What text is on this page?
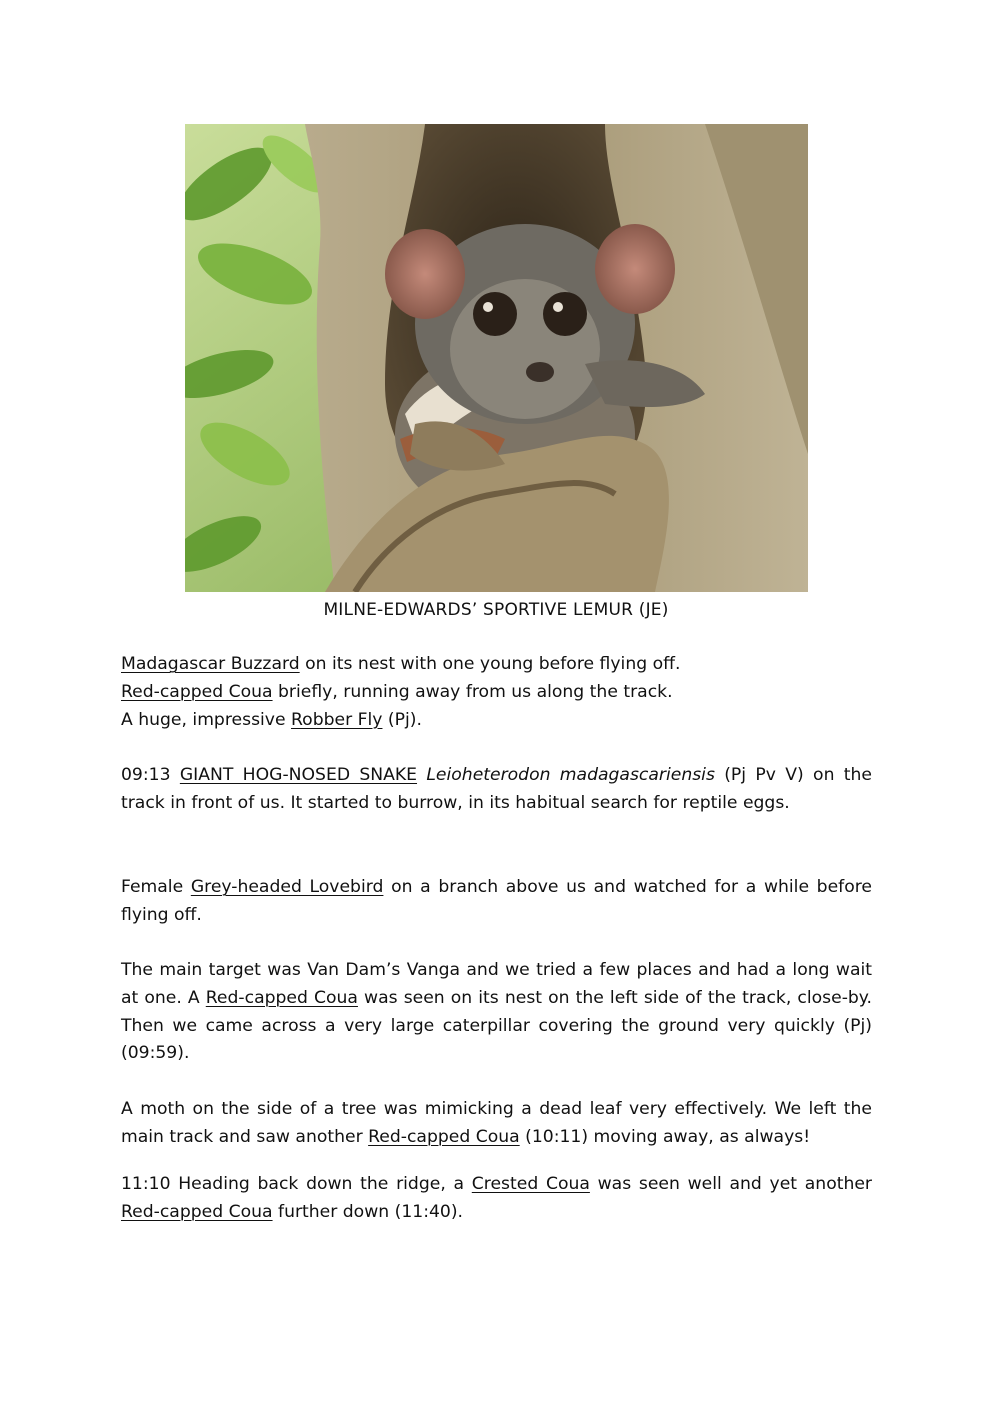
MILNE-EDWARDS’ SPORTIVE LEMUR (JE)

Madagascar Buzzard on its nest with one young before flying off.
Red-capped Coua briefly, running away from us along the track.
A huge, impressive Robber Fly (Pj).

09:13 GIANT HOG-NOSED SNAKE Leioheterodon madagascariensis (Pj Pv V) on the track in front of us. It started to burrow, in its habitual search for reptile eggs.

Female Grey-headed Lovebird on a branch above us and watched for a while before flying off.

The main target was Van Dam’s Vanga and we tried a few places and had a long wait at one. A Red-capped Coua was seen on its nest on the left side of the track, close-by. Then we came across a very large caterpillar covering the ground very quickly (Pj) (09:59).

A moth on the side of a tree was mimicking a dead leaf very effectively. We left the main track and saw another Red-capped Coua (10:11) moving away, as always!

11:10 Heading back down the ridge, a Crested Coua was seen well and yet another Red-capped Coua further down (11:40).
